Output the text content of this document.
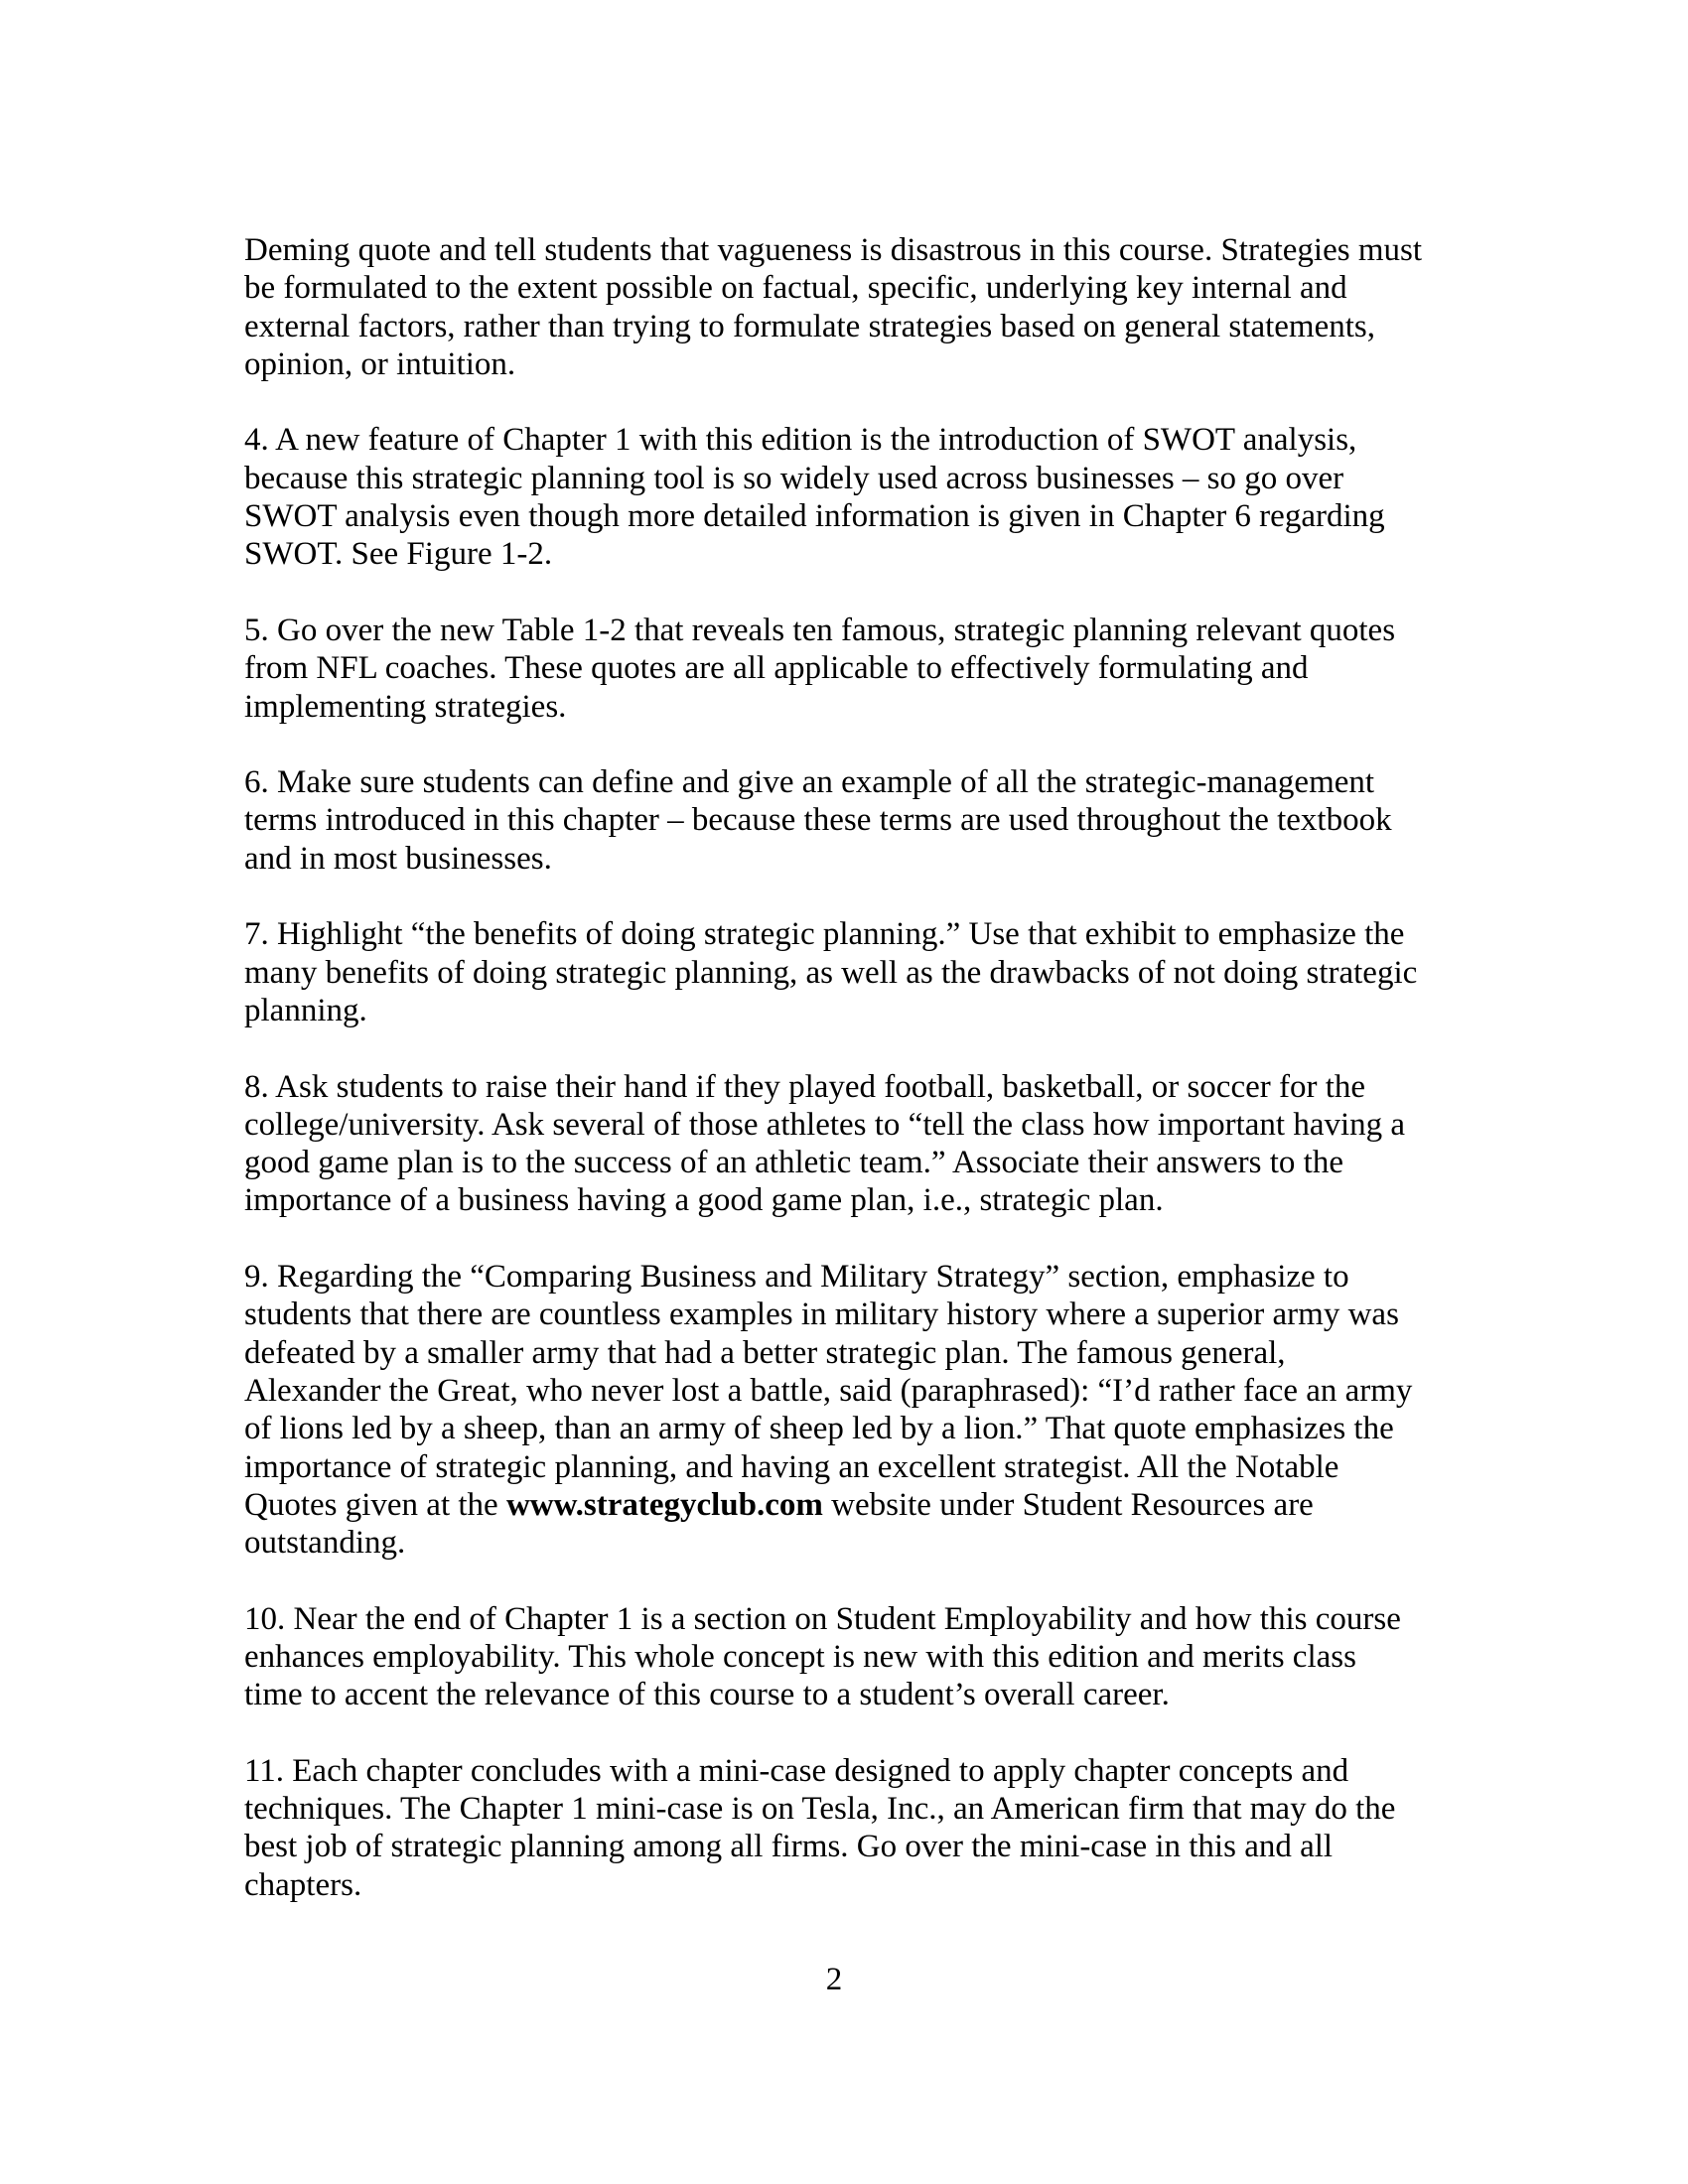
Deming quote and tell students that vagueness is disastrous in this course. Strategies must
be formulated to the extent possible on factual, specific, underlying key internal and
external factors, rather than trying to formulate strategies based on general statements,
opinion, or intuition.

4. A new feature of Chapter 1 with this edition is the introduction of SWOT analysis,
because this strategic planning tool is so widely used across businesses – so go over
SWOT analysis even though more detailed information is given in Chapter 6 regarding
SWOT. See Figure 1-2.

5. Go over the new Table 1-2 that reveals ten famous, strategic planning relevant quotes
from NFL coaches. These quotes are all applicable to effectively formulating and
implementing strategies.

6. Make sure students can define and give an example of all the strategic-management
terms introduced in this chapter – because these terms are used throughout the textbook
and in most businesses.

7. Highlight “the benefits of doing strategic planning.” Use that exhibit to emphasize the
many benefits of doing strategic planning, as well as the drawbacks of not doing strategic
planning.

8. Ask students to raise their hand if they played football, basketball, or soccer for the
college/university. Ask several of those athletes to “tell the class how important having a
good game plan is to the success of an athletic team.” Associate their answers to the
importance of a business having a good game plan, i.e., strategic plan.

9. Regarding the “Comparing Business and Military Strategy” section, emphasize to
students that there are countless examples in military history where a superior army was
defeated by a smaller army that had a better strategic plan. The famous general,
Alexander the Great, who never lost a battle, said (paraphrased): “I’d rather face an army
of lions led by a sheep, than an army of sheep led by a lion.” That quote emphasizes the
importance of strategic planning, and having an excellent strategist. All the Notable
Quotes given at the www.strategyclub.com website under Student Resources are
outstanding.

10. Near the end of Chapter 1 is a section on Student Employability and how this course
enhances employability. This whole concept is new with this edition and merits class
time to accent the relevance of this course to a student’s overall career.

11. Each chapter concludes with a mini-case designed to apply chapter concepts and
techniques. The Chapter 1 mini-case is on Tesla, Inc., an American firm that may do the
best job of strategic planning among all firms. Go over the mini-case in this and all
chapters.

2
